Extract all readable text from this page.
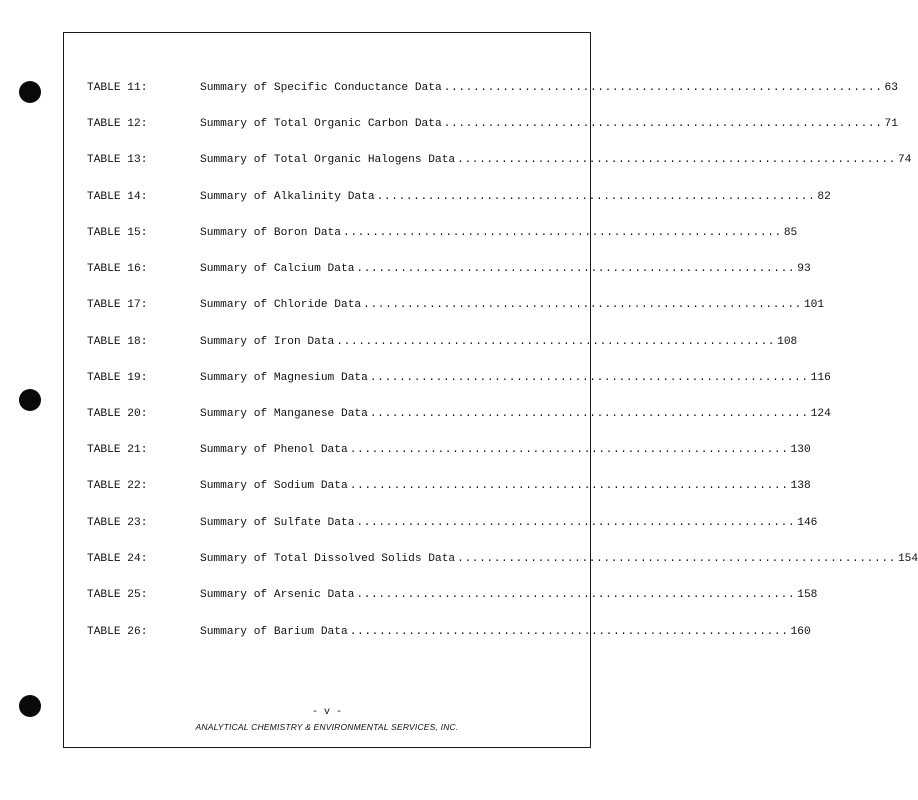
TABLE 11:	Summary of Specific Conductance Data ............................................................ 63
TABLE 12:	Summary of Total Organic Carbon Data ............................................................ 71
TABLE 13:	Summary of Total Organic Halogens Data ............................................................ 74
TABLE 14:	Summary of Alkalinity Data ............................................................ 82
TABLE 15:	Summary of Boron Data ............................................................ 85
TABLE 16:	Summary of Calcium Data ............................................................ 93
TABLE 17:	Summary of Chloride Data ............................................................ 101
TABLE 18:	Summary of Iron Data ............................................................ 108
TABLE 19:	Summary of Magnesium Data ............................................................ 116
TABLE 20:	Summary of Manganese Data ............................................................ 124
TABLE 21:	Summary of Phenol Data ............................................................ 130
TABLE 22:	Summary of Sodium Data ............................................................ 138
TABLE 23:	Summary of Sulfate Data ............................................................ 146
TABLE 24:	Summary of Total Dissolved Solids Data ............................................................ 154
TABLE 25:	Summary of Arsenic Data ............................................................ 158
TABLE 26:	Summary of Barium Data ............................................................ 160
- v -
ANALYTICAL CHEMISTRY & ENVIRONMENTAL SERVICES, INC.
